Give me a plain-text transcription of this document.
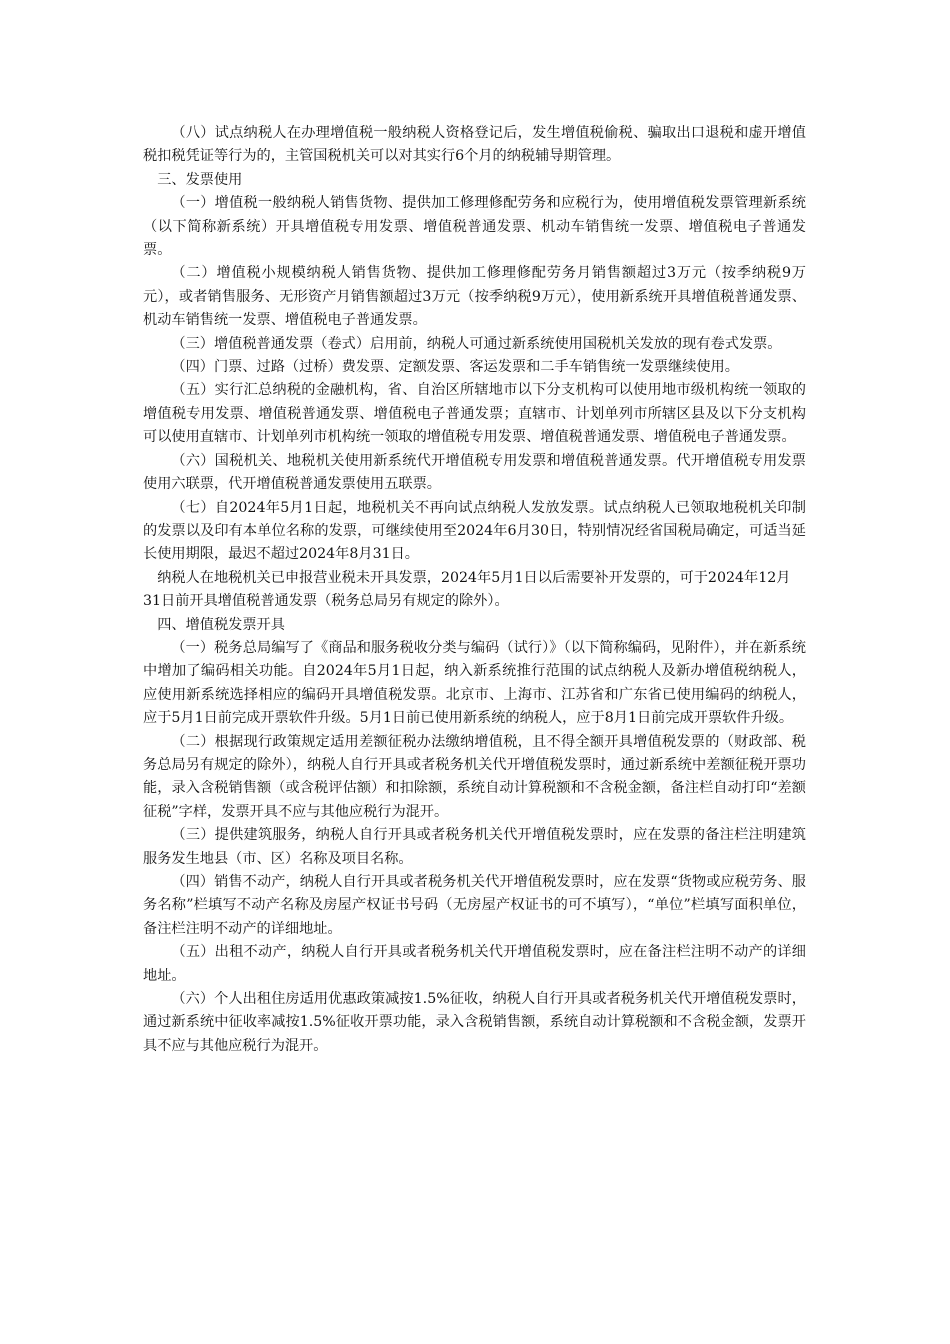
（八）试点纳税人在办理增值税一般纳税人资格登记后，发生增值税偷税、骗取出口退税和虚开增值税扣税凭证等行为的，主管国税机关可以对其实行6个月的纳税辅导期管理。

三、发票使用

（一）增值税一般纳税人销售货物、提供加工修理修配劳务和应税行为，使用增值税发票管理新系统（以下简称新系统）开具增值税专用发票、增值税普通发票、机动车销售统一发票、增值税电子普通发票。

（二）增值税小规模纳税人销售货物、提供加工修理修配劳务月销售额超过3万元（按季纳税9万元），或者销售服务、无形资产月销售额超过3万元（按季纳税9万元），使用新系统开具增值税普通发票、机动车销售统一发票、增值税电子普通发票。

（三）增值税普通发票（卷式）启用前，纳税人可通过新系统使用国税机关发放的现有卷式发票。

（四）门票、过路（过桥）费发票、定额发票、客运发票和二手车销售统一发票继续使用。

（五）实行汇总纳税的金融机构，省、自治区所辖地市以下分支机构可以使用地市级机构统一领取的增值税专用发票、增值税普通发票、增值税电子普通发票；直辖市、计划单列市所辖区县及以下分支机构可以使用直辖市、计划单列市机构统一领取的增值税专用发票、增值税普通发票、增值税电子普通发票。

（六）国税机关、地税机关使用新系统代开增值税专用发票和增值税普通发票。代开增值税专用发票使用六联票，代开增值税普通发票使用五联票。

（七）自2024年5月1日起，地税机关不再向试点纳税人发放发票。试点纳税人已领取地税机关印制的发票以及印有本单位名称的发票，可继续使用至2024年6月30日，特别情况经省国税局确定，可适当延长使用期限，最迟不超过2024年8月31日。

纳税人在地税机关已申报营业税未开具发票，2024年5月1日以后需要补开发票的，可于2024年12月31日前开具增值税普通发票（税务总局另有规定的除外）。

四、增值税发票开具

（一）税务总局编写了《商品和服务税收分类与编码（试行）》（以下简称编码，见附件），并在新系统中增加了编码相关功能。自2024年5月1日起，纳入新系统推行范围的试点纳税人及新办增值税纳税人，应使用新系统选择相应的编码开具增值税发票。北京市、上海市、江苏省和广东省已使用编码的纳税人，应于5月1日前完成开票软件升级。5月1日前已使用新系统的纳税人，应于8月1日前完成开票软件升级。

（二）根据现行政策规定适用差额征税办法缴纳增值税，且不得全额开具增值税发票的（财政部、税务总局另有规定的除外），纳税人自行开具或者税务机关代开增值税发票时，通过新系统中差额征税开票功能，录入含税销售额（或含税评估额）和扣除额，系统自动计算税额和不含税金额，备注栏自动打印“差额征税”字样，发票开具不应与其他应税行为混开。

（三）提供建筑服务，纳税人自行开具或者税务机关代开增值税发票时，应在发票的备注栏注明建筑服务发生地县（市、区）名称及项目名称。

（四）销售不动产，纳税人自行开具或者税务机关代开增值税发票时，应在发票“货物或应税劳务、服务名称”栏填写不动产名称及房屋产权证书号码（无房屋产权证书的可不填写），“单位”栏填写面积单位，备注栏注明不动产的详细地址。

（五）出租不动产，纳税人自行开具或者税务机关代开增值税发票时，应在备注栏注明不动产的详细地址。

（六）个人出租住房适用优惠政策减按1.5%征收，纳税人自行开具或者税务机关代开增值税发票时，通过新系统中征收率减按1.5%征收开票功能，录入含税销售额，系统自动计算税额和不含税金额，发票开具不应与其他应税行为混开。
